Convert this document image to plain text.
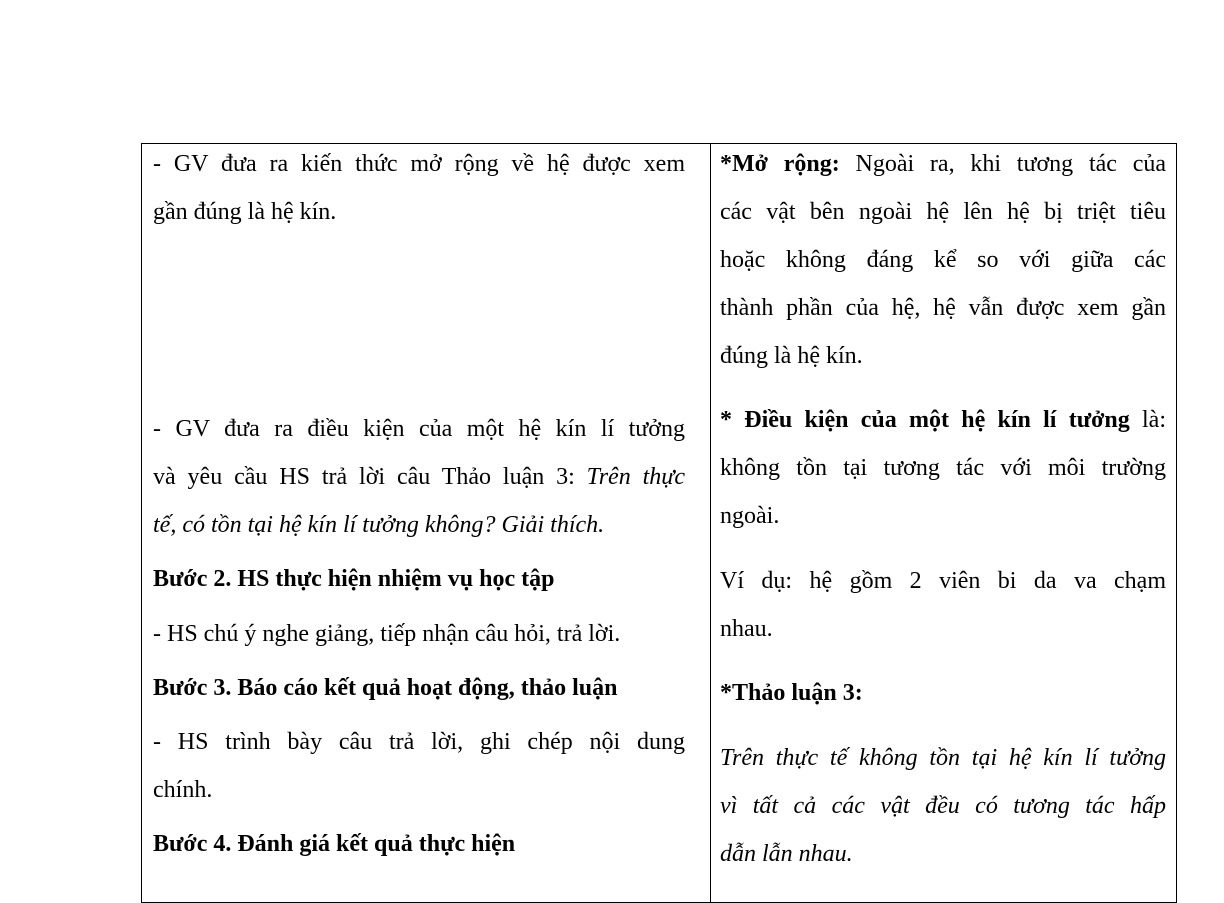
- GV đưa ra kiến thức mở rộng về hệ được xem
gần đúng là hệ kín.
- GV đưa ra điều kiện của một hệ kín lí tưởng
và yêu cầu HS trả lời câu Thảo luận 3: Trên thực
tế, có tồn tại hệ kín lí tưởng không? Giải thích.
Bước 2. HS thực hiện nhiệm vụ học tập
- HS chú ý nghe giảng, tiếp nhận câu hỏi, trả lời.
Bước 3. Báo cáo kết quả hoạt động, thảo luận
- HS trình bày câu trả lời, ghi chép nội dung
chính.
Bước 4. Đánh giá kết quả thực hiện
*Mở rộng: Ngoài ra, khi tương tác của
các vật bên ngoài hệ lên hệ bị triệt tiêu
hoặc không đáng kể so với giữa các
thành phần của hệ, hệ vẫn được xem gần
đúng là hệ kín.
* Điều kiện của một hệ kín lí tưởng là:
không tồn tại tương tác với môi trường
ngoài.
Ví dụ: hệ gồm 2 viên bi da va chạm
nhau.
*Thảo luận 3:
Trên thực tế không tồn tại hệ kín lí tưởng
vì tất cả các vật đều có tương tác hấp
dẫn lẫn nhau.
